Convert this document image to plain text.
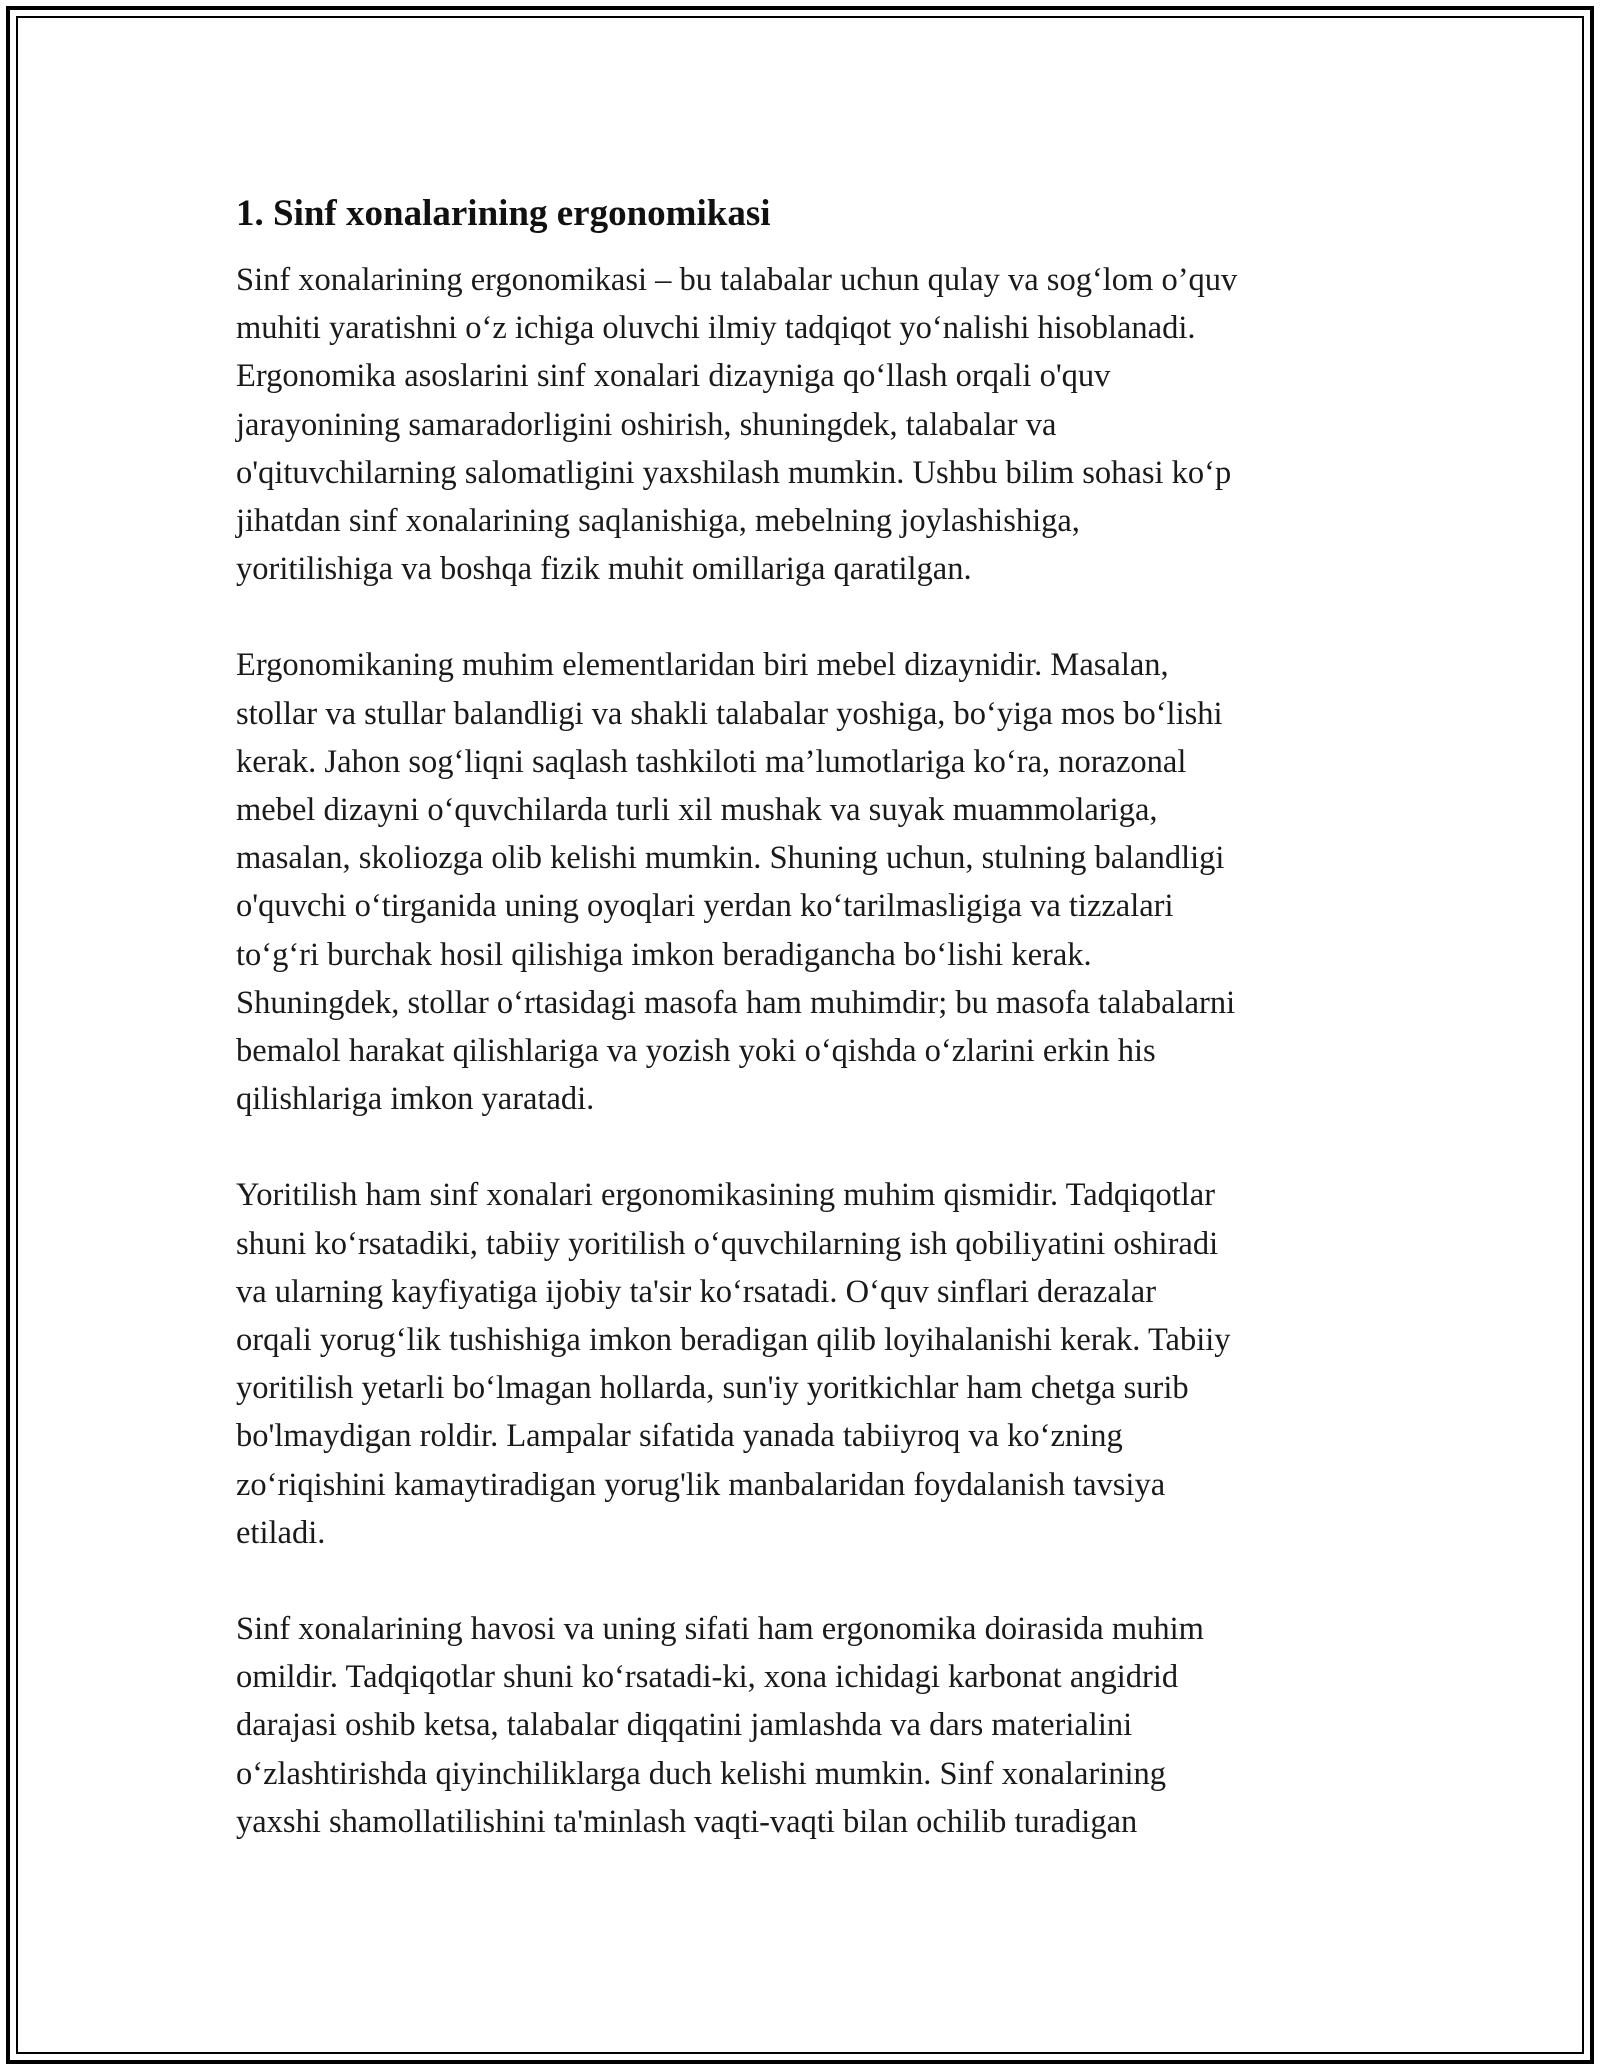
1. Sinf xonalarining ergonomikasi

Sinf xonalarining ergonomikasi – bu talabalar uchun qulay va sog‘lom o’quv
muhiti yaratishni o‘z ichiga oluvchi ilmiy tadqiqot yo‘nalishi hisoblanadi.
Ergonomika asoslarini sinf xonalari dizayniga qo‘llash orqali o'quv
jarayonining samaradorligini oshirish, shuningdek, talabalar va
o'qituvchilarning salomatligini yaxshilash mumkin. Ushbu bilim sohasi ko‘p
jihatdan sinf xonalarining saqlanishiga, mebelning joylashishiga,
yoritilishiga va boshqa fizik muhit omillariga qaratilgan.

Ergonomikaning muhim elementlaridan biri mebel dizaynidir. Masalan,
stollar va stullar balandligi va shakli talabalar yoshiga, bo‘yiga mos bo‘lishi
kerak. Jahon sog‘liqni saqlash tashkiloti ma’lumotlariga ko‘ra, norazonal
mebel dizayni o‘quvchilarda turli xil mushak va suyak muammolariga,
masalan, skoliozga olib kelishi mumkin. Shuning uchun, stulning balandligi
o'quvchi o‘tirganida uning oyoqlari yerdan ko‘tarilmasligiga va tizzalari
to‘g‘ri burchak hosil qilishiga imkon beradigancha bo‘lishi kerak.
Shuningdek, stollar o‘rtasidagi masofa ham muhimdir; bu masofa talabalarni
bemalol harakat qilishlariga va yozish yoki o‘qishda o‘zlarini erkin his
qilishlariga imkon yaratadi.

Yoritilish ham sinf xonalari ergonomikasining muhim qismidir. Tadqiqotlar
shuni ko‘rsatadiki, tabiiy yoritilish o‘quvchilarning ish qobiliyatini oshiradi
va ularning kayfiyatiga ijobiy ta'sir ko‘rsatadi. O‘quv sinflari derazalar
orqali yorug‘lik tushishiga imkon beradigan qilib loyihalanishi kerak. Tabiiy
yoritilish yetarli bo‘lmagan hollarda, sun'iy yoritkichlar ham chetga surib
bo'lmaydigan roldir. Lampalar sifatida yanada tabiiyroq va ko‘zning
zo‘riqishini kamaytiradigan yorug'lik manbalaridan foydalanish tavsiya
etiladi.

Sinf xonalarining havosi va uning sifati ham ergonomika doirasida muhim
omildir. Tadqiqotlar shuni ko‘rsatadi-ki, xona ichidagi karbonat angidrid
darajasi oshib ketsa, talabalar diqqatini jamlashda va dars materialini
o‘zlashtirishda qiyinchiliklarga duch kelishi mumkin. Sinf xonalarining
yaxshi shamollatilishini ta'minlash vaqti-vaqti bilan ochilib turadigan
